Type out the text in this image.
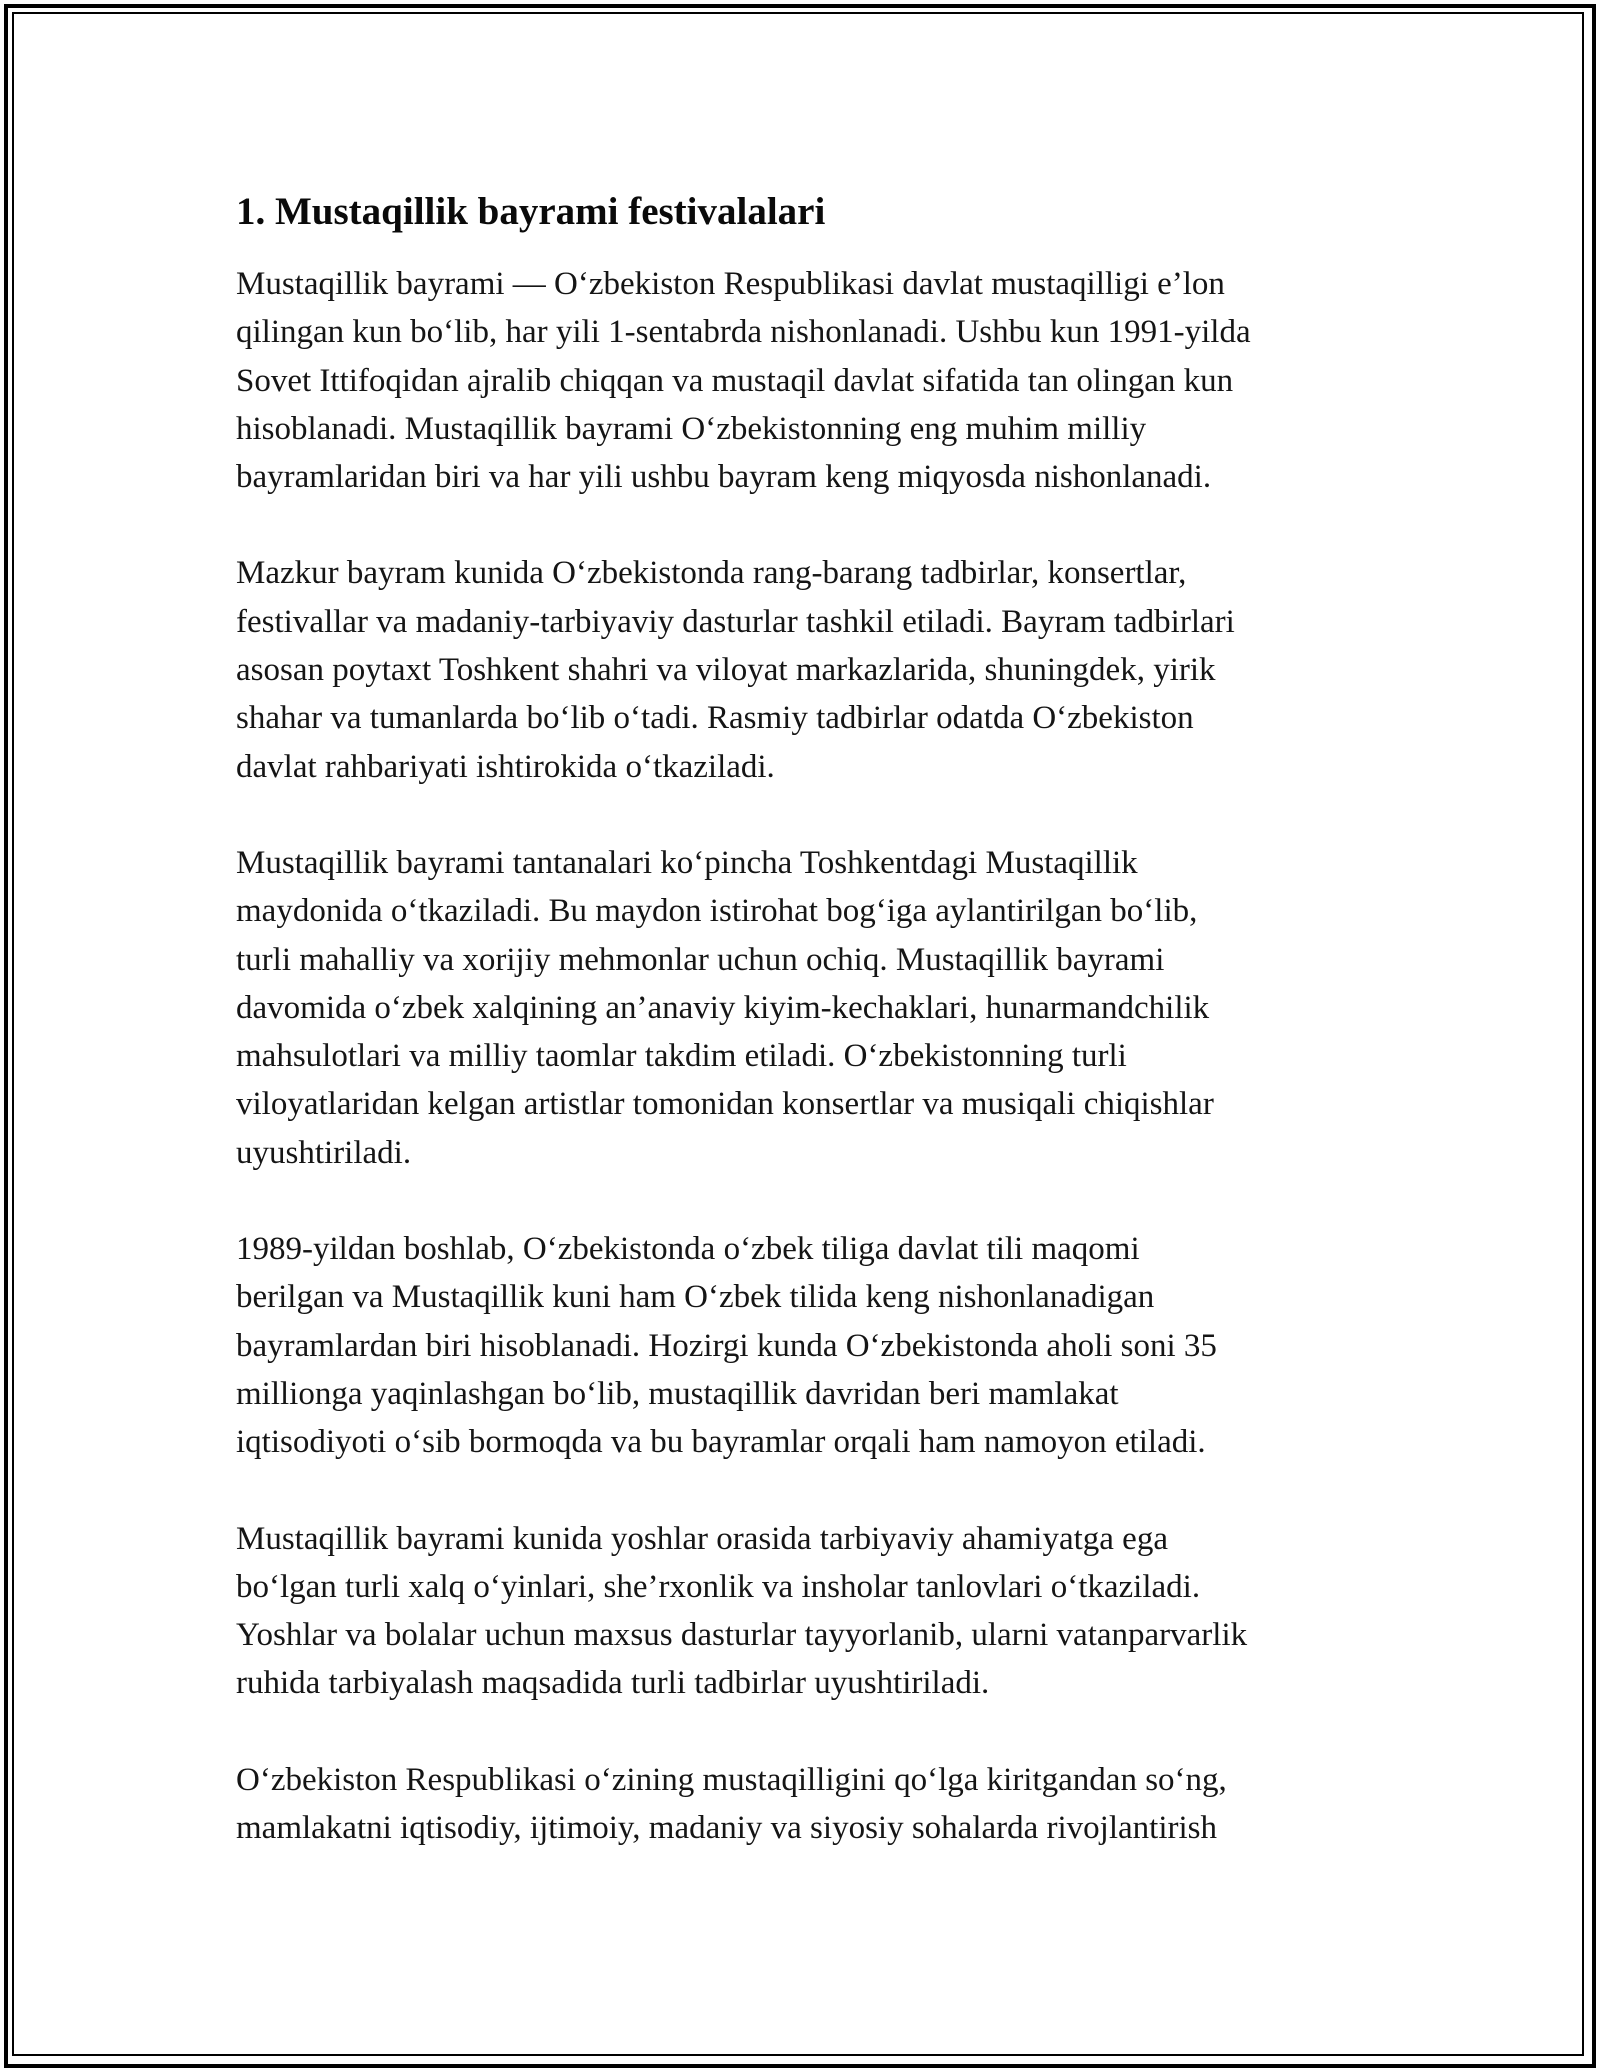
1. Mustaqillik bayrami festivalalari

Mustaqillik bayrami — O‘zbekiston Respublikasi davlat mustaqilligi e’lon
qilingan kun bo‘lib, har yili 1-sentabrda nishonlanadi. Ushbu kun 1991-yilda
Sovet Ittifoqidan ajralib chiqqan va mustaqil davlat sifatida tan olingan kun
hisoblanadi. Mustaqillik bayrami O‘zbekistonning eng muhim milliy
bayramlaridan biri va har yili ushbu bayram keng miqyosda nishonlanadi.

Mazkur bayram kunida O‘zbekistonda rang-barang tadbirlar, konsertlar,
festivallar va madaniy-tarbiyaviy dasturlar tashkil etiladi. Bayram tadbirlari
asosan poytaxt Toshkent shahri va viloyat markazlarida, shuningdek, yirik
shahar va tumanlarda bo‘lib o‘tadi. Rasmiy tadbirlar odatda O‘zbekiston
davlat rahbariyati ishtirokida o‘tkaziladi.

Mustaqillik bayrami tantanalari ko‘pincha Toshkentdagi Mustaqillik
maydonida o‘tkaziladi. Bu maydon istirohat bog‘iga aylantirilgan bo‘lib,
turli mahalliy va xorijiy mehmonlar uchun ochiq. Mustaqillik bayrami
davomida o‘zbek xalqining an’anaviy kiyim-kechaklari, hunarmandchilik
mahsulotlari va milliy taomlar takdim etiladi. O‘zbekistonning turli
viloyatlaridan kelgan artistlar tomonidan konsertlar va musiqali chiqishlar
uyushtiriladi.

1989-yildan boshlab, O‘zbekistonda o‘zbek tiliga davlat tili maqomi
berilgan va Mustaqillik kuni ham O‘zbek tilida keng nishonlanadigan
bayramlardan biri hisoblanadi. Hozirgi kunda O‘zbekistonda aholi soni 35
millionga yaqinlashgan bo‘lib, mustaqillik davridan beri mamlakat
iqtisodiyoti o‘sib bormoqda va bu bayramlar orqali ham namoyon etiladi.

Mustaqillik bayrami kunida yoshlar orasida tarbiyaviy ahamiyatga ega
bo‘lgan turli xalq o‘yinlari, she’rxonlik va insholar tanlovlari o‘tkaziladi.
Yoshlar va bolalar uchun maxsus dasturlar tayyorlanib, ularni vatanparvarlik
ruhida tarbiyalash maqsadida turli tadbirlar uyushtiriladi.

O‘zbekiston Respublikasi o‘zining mustaqilligini qo‘lga kiritgandan so‘ng,
mamlakatni iqtisodiy, ijtimoiy, madaniy va siyosiy sohalarda rivojlantirish
